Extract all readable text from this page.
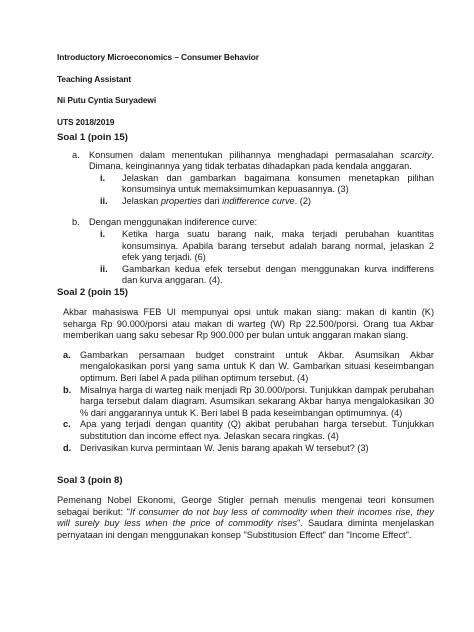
Introductory Microeconomics – Consumer Behavior
Teaching Assistant
Ni Putu Cyntia Suryadewi
UTS 2018/2019
Soal 1 (poin 15)
a.	Konsumen dalam menentukan pilihannya menghadapi permasalahan scarcity. Dimana, keinginannya yang tidak terbatas dihadapkan pada kendala anggaran.
i.	Jelaskan dan gambarkan bagaimana konsumen menetapkan pilihan konsumsinya untuk memaksimumkan kepuasannya. (3)
ii.	Jelaskan properties dari indifference curve. (2)
b.	Dengan menggunakan indiference curve:
i.	Ketika harga suatu barang naik, maka terjadi perubahan kuantitas konsumsinya. Apabila barang tersebut adalah barang normal, jelaskan 2 efek yang terjadi. (6)
ii.	Gambarkan kedua efek tersebut dengan menggunakan kurva indifferens dan kurva anggaran. (4).
Soal 2 (poin 15)
Akbar mahasiswa FEB UI mempunyai opsi untuk makan siang: makan di kantin (K) seharga Rp 90.000/porsi atau makan di warteg (W) Rp 22.500/porsi. Orang tua Akbar memberikan uang saku sebesar Rp 900.000 per bulan untuk anggaran makan siang.
a.	Gambarkan persamaan budget constraint untuk Akbar. Asumsikan Akbar mengalokasikan porsi yang sama untuk K dan W. Gambarkan situasi keseimbangan optimum. Beri label A pada pilihan optimum tersebut. (4)
b. Misalnya harga di warteg naik menjadi Rp 30.000/porsi. Tunjukkan dampak perubahan harga tersebut dalam diagram. Asumsikan sekarang Akbar hanya mengalokasikan 30 % dari anggarannya untuk K. Beri label B pada keseimbangan optimumnya. (4)
c.	Apa yang terjadi dengan quantity (Q) akibat perubahan harga tersebut. Tunjukkan substitution dan income effect nya. Jelaskan secara ringkas. (4)
d. Derivasikan kurva permintaan W. Jenis barang apakah W tersebut? (3)
Soal 3 (poin 8)
Pemenang Nobel Ekonomi, George Stigler pernah menulis mengenai teori konsumen sebagai berikut: "If consumer do not buy less of commodity when their incomes rise, they will surely buy less when the price of commodity rises". Saudara diminta menjelaskan pernyataan ini dengan menggunakan konsep "Substitusion Effect" dan "Income Effect".
